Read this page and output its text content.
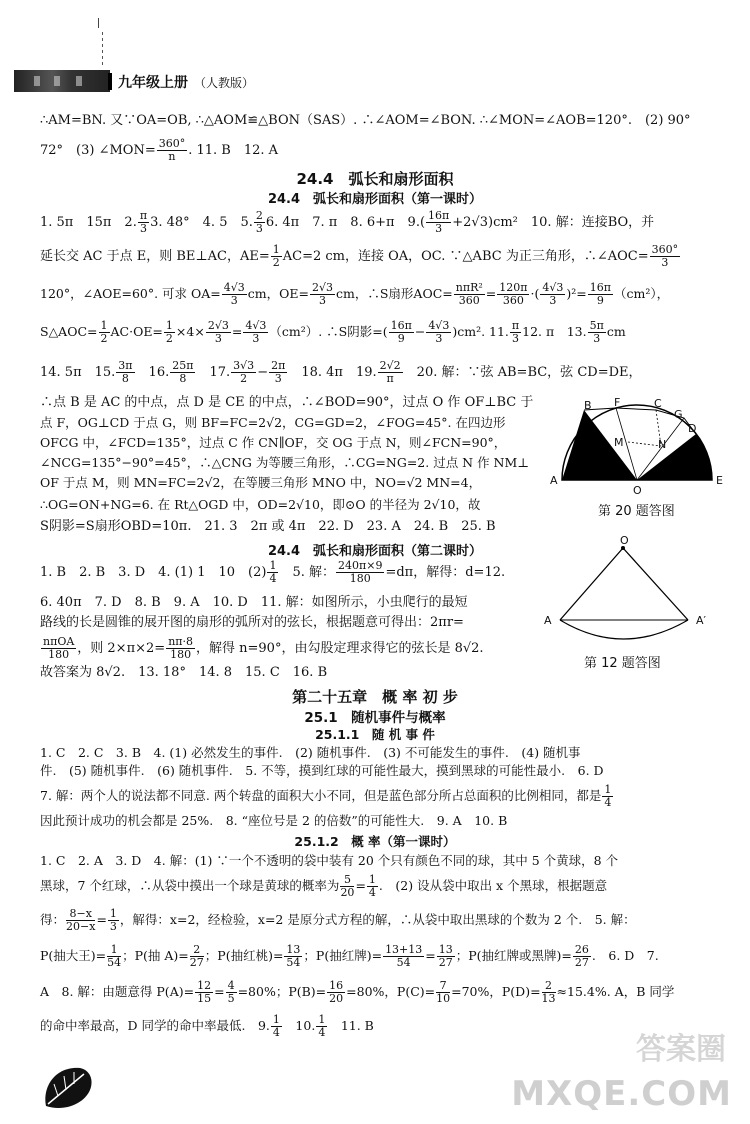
九年级上册 （人教版）
∴AM=BN. 又∵OA=OB, ∴△AOM≌△BON（SAS）. ∴∠AOM=∠BON. ∴∠MON=∠AOB=120°.　(2) 90°
72°　(3) ∠MON= $\frac{360^\circ}{n}$ . 11. B　12. A
24.4　弧长和扇形面积
24.4　弧长和扇形面积（第一课时）
1. 5π　15π　2. $\frac{\pi}{3} 3$. 48°　4. 5　5. $\frac{2}{3} 6$. 4π　7. π　8. 6+π　$9.( \frac{16\pi}{3} +2√3)cm^2$　10. 解：连接BO，并
延长交 AC 于点 E，则 BE⊥AC，$AE= \frac{1}{2} AC=2$ cm，连接 OA，OC. ∵△ABC 为正三角形，∴∠AOC= $\frac{360^\circ}{3}$
120°，∠AOE=60°. 可求 $OA= \frac{4√3}{3}$ cm，$OE= \frac{2√3}{3}$ cm，∴S扇形$AOC= \frac{\text{nπR²}}{360} = \frac{120\pi}{360}$ ·( $\frac{4√3}{3} )^2= \frac{16\pi}{9} (cm^2)$，
S△AOC= $\frac{1}{2} AC\cdot OE= \frac{1}{2} \times 4\times \frac{2√3}{3} = \frac{4√3}{3} (cm^2)$. ∴S阴影=( $\frac{16\pi}{9} - \frac{4√3}{3} )cm^2$. 11. $\frac{\pi}{3} 12$. π　13. $\frac{5\pi}{3}$ cm
14. 5π　15. $\frac{3\pi}{8}$
　 16. $\frac{25\pi}{8}$
　 17. $\frac{3√3}{2} - \frac{2\pi}{3}$
　 18. 4π　19. $\frac{2√2}{\pi}$
　 20. 解：∵弦 AB=BC，弦 CD=DE，
∴点 B 是 AC 的中点，点 D 是 CE 的中点，∴∠BOD=90°，过点 O 作 OF⊥BC 于
点 F，OG⊥CD 于点 G，则 BF=FC=2√2，CG=GD=2，∠FOG=45°. 在四边形
OFCG 中，∠FCD=135°，过点 C 作 CN∥OF，交 OG 于点 N，则∠FCN=90°，
∠NCG=135°−90°=45°，∴△CNG 为等腰三角形，∴CG=NG=2. 过点 N 作 NM⊥
OF 于点 M，则 MN=FC=2√2，在等腰三角形 MNO 中，NO=√2 MN=4，
∴OG=ON+NG=6. 在 Rt△OGD 中，OD=2√10，即⊙O 的半径为 2√10，故
S阴影=S扇形OBD=10π.　21. 3　2π 或 4π　22. D　23. A　24. B　25. B
B F	C
G
D
M	N
A
O
E
第 20 题答图
24.4　弧长和扇形面积（第二课时）
1. B　2. B　3. D　4. (1) 1　10　$(2) \frac{1}{4}$
　 5. 解： $\frac{240\pi\times 9}{180} =d\pi$，解得：d=12.
6. 40π　7. D　8. B　9. A　10. D　11. 解：如图所示，小虫爬行的最短
路线的长是圆锥的展开图的扇形的弧所对的弦长，根据题意可得出：2πr=
$\frac{\text{nπOA}}{180}$ ，则 $2\times\pi\times 2= \frac{n\pi\cdot 8}{180}$ ，解得 n=90°，由勾股定理求得它的弦长是 8√2.
故答案为 8√2.　13. 18°　14. 8　15. C　16. B
O
A	A′
第 12 题答图
第二十五章　概 率 初 步
25.1　随机事件与概率
25.1.1　随 机 事 件
1. C　2. C　3. B　4. (1) 必然发生的事件.　(2) 随机事件.　(3) 不可能发生的事件.　(4) 随机事
件.　(5) 随机事件.　(6) 随机事件.　5. 不等，摸到红球的可能性最大，摸到黑球的可能性最小.　6. D
7. 解：两个人的说法都不同意. 两个转盘的面积大小不同，但是蓝色部分所占总面积的比例相同，都是 $\frac{1}{4}$
因此预计成功的机会都是 25%.　8. “座位号是 2 的倍数”的可能性大.　9. A　10. B
25.1.2　概 率（第一课时）
1. C　2. A　3. D　4. 解：(1) ∵一个不透明的袋中装有 20 个只有颜色不同的球，其中 5 个黄球，8 个
黑球，7 个红球，∴从袋中摸出一个球是黄球的概率为 $\frac{5}{20} = \frac{1}{4}$ .　(2) 设从袋中取出 x 个黑球，根据题意
得： $\frac{8-x}{20-x} = \frac{1}{3}$ ，解得：x=2，经检验，x=2 是原分式方程的解，∴从袋中取出黑球的个数为 2 个.　5. 解：
P(抽大王)= $\frac{1}{54}$ ；P(抽 $A)= \frac{2}{27}$ ；P(抽红桃)= $\frac{13}{54}$ ；P(抽红牌)= $\frac{13+13}{54} = \frac{13}{27}$ ；P(抽红牌或黑牌)= $\frac{26}{27}$ .　6. D　7.
A　8. 解：由题意得 $P(A)= \frac{12}{15} = \frac{4}{5} =80\%$；$P(B)= \frac{16}{20} =80\%$，$P(C)= \frac{7}{10} =70\%$，$P(D)= \frac{2}{13} \approx 15.4\%$. A，B 同学
的命中率最高，D 同学的命中率最低.　9. $\frac{1}{4}$
　 10. $\frac{1}{4}$
　 11. B
答案圈
MXQE.COM
